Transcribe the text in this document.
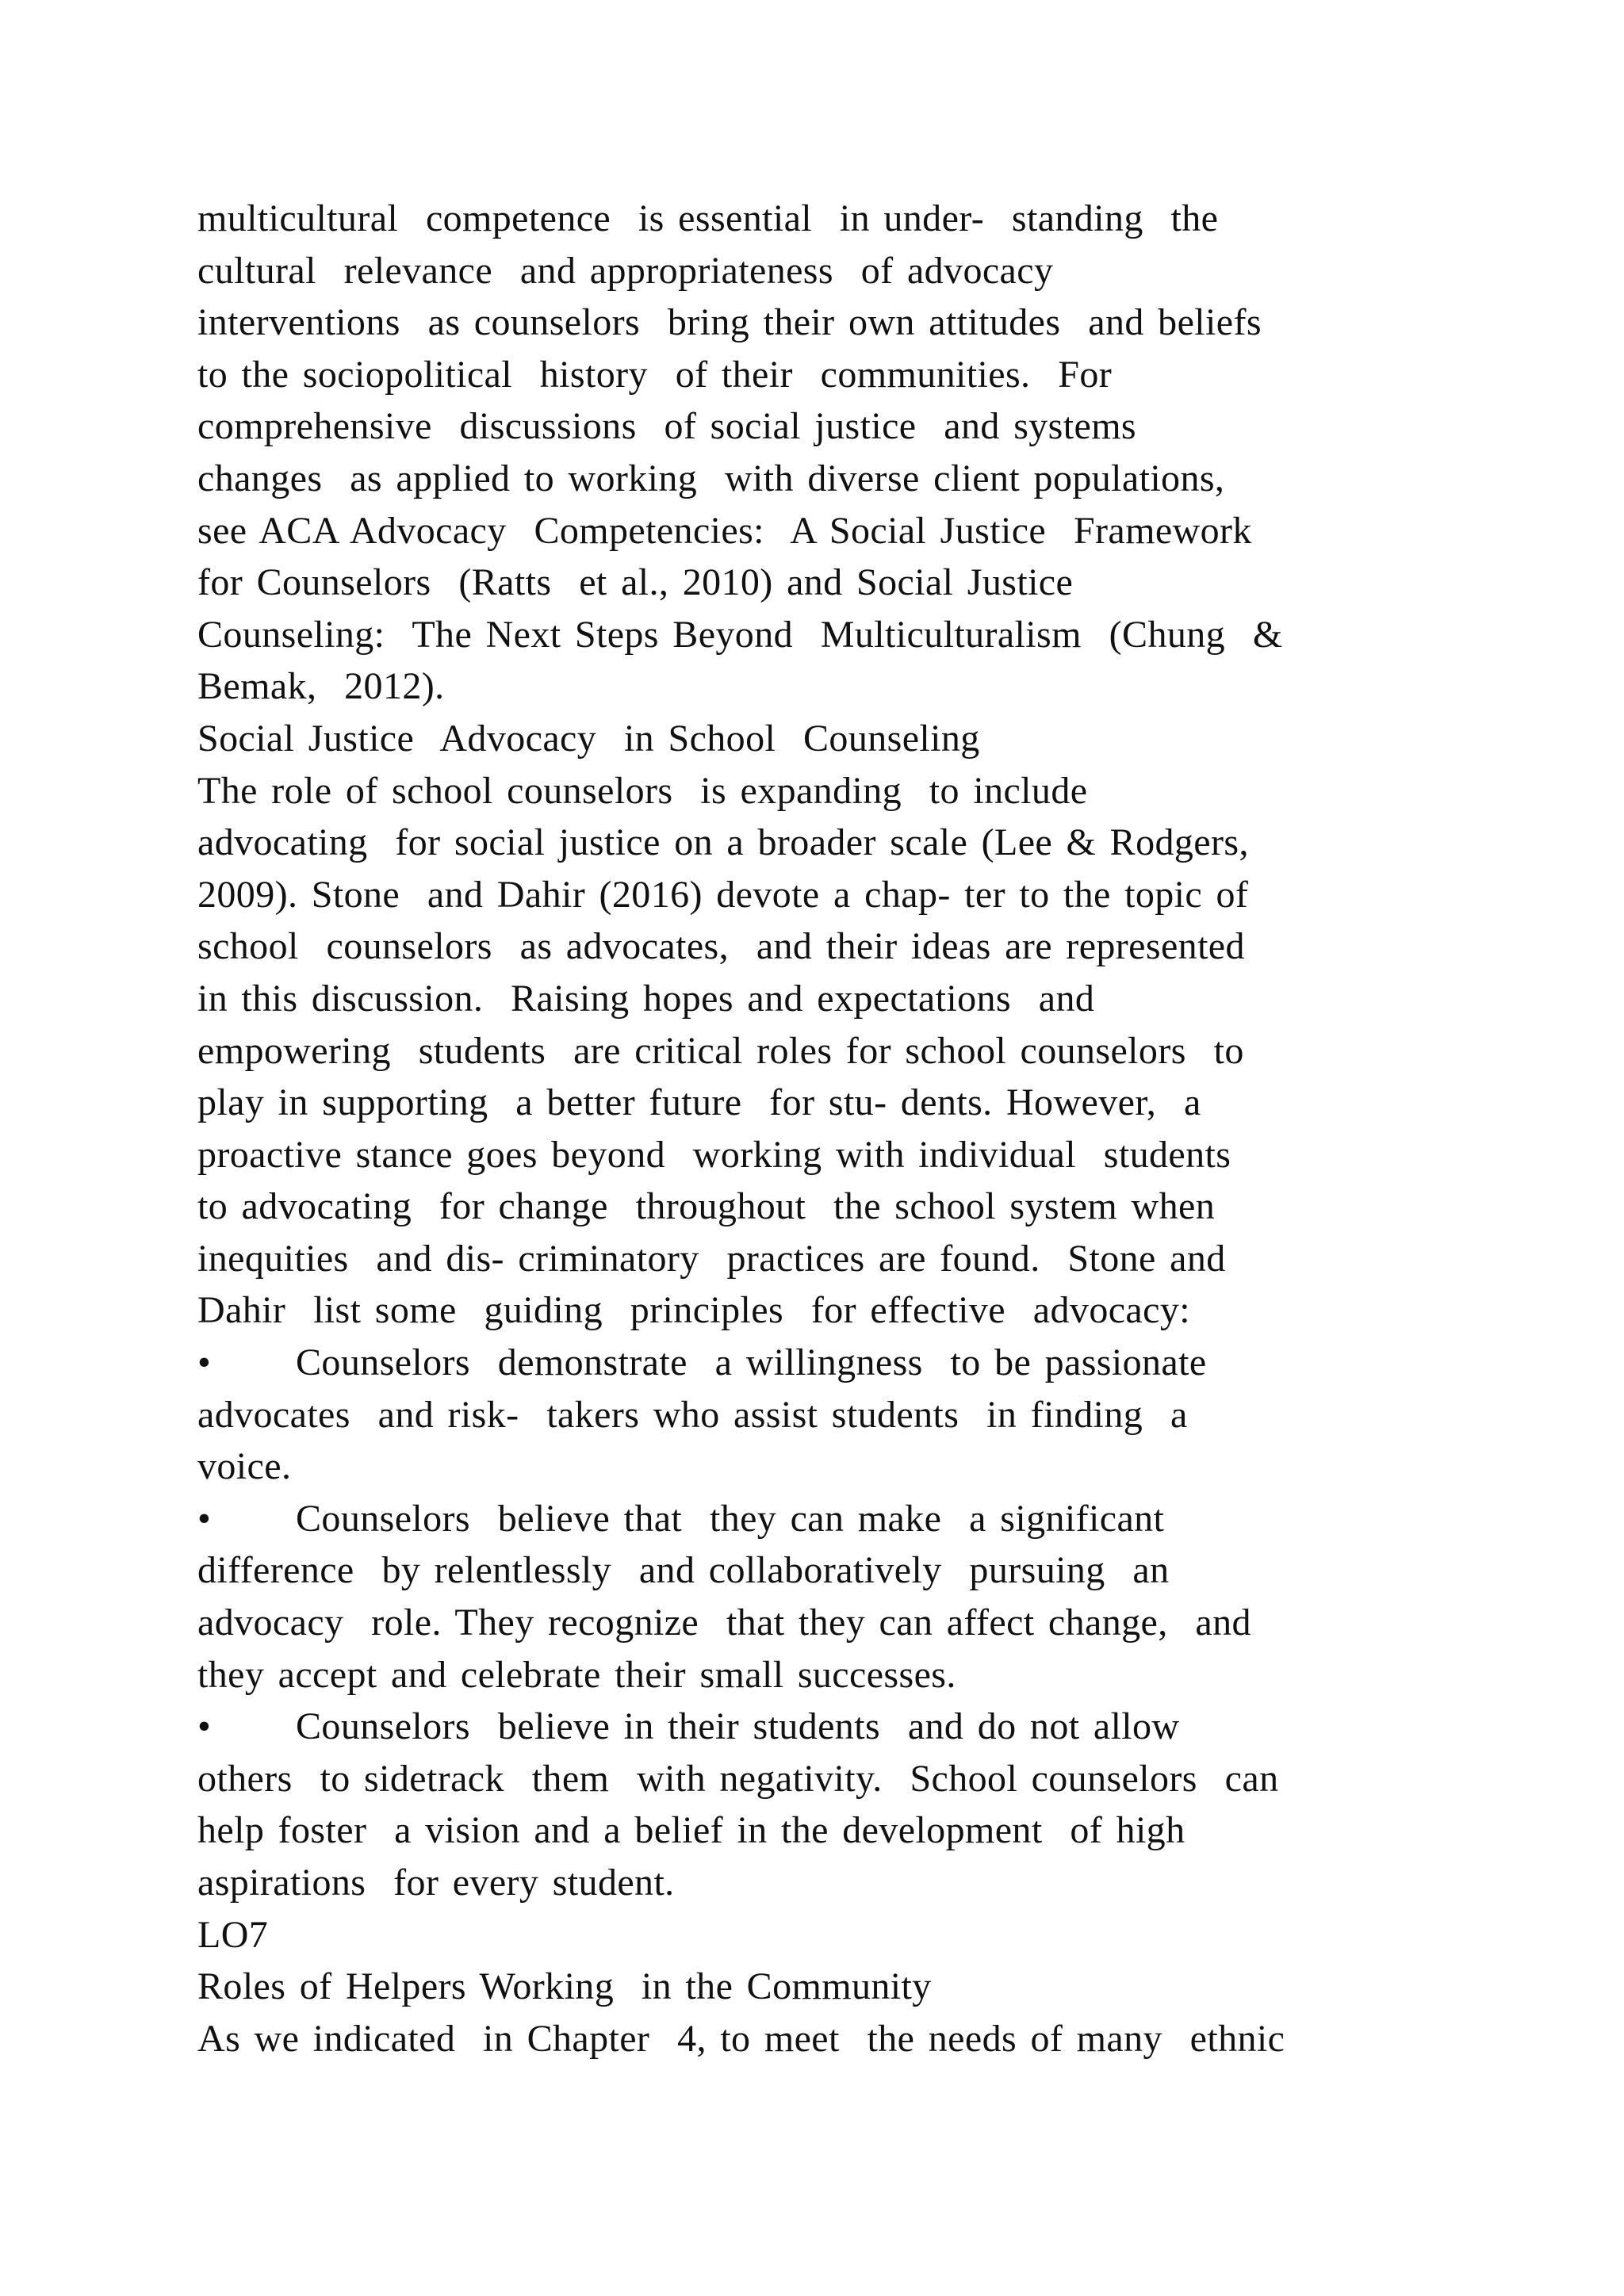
multicultural  competence  is essential  in under-  standing  the
cultural  relevance  and appropriateness  of advocacy
interventions  as counselors  bring their own attitudes  and beliefs
to the sociopolitical  history  of their  communities.  For
comprehensive  discussions  of social justice  and systems
changes  as applied to working  with diverse client populations,
see ACA Advocacy  Competencies:  A Social Justice  Framework
for Counselors  (Ratts  et al., 2010) and Social Justice
Counseling:  The Next Steps Beyond  Multiculturalism  (Chung  &
Bemak,  2012).
Social Justice  Advocacy  in School  Counseling
The role of school counselors  is expanding  to include
advocating  for social justice on a broader scale (Lee & Rodgers,
2009). Stone  and Dahir (2016) devote a chap- ter to the topic of
school  counselors  as advocates,  and their ideas are represented
in this discussion.  Raising hopes and expectations  and
empowering  students  are critical roles for school counselors  to
play in supporting  a better future  for stu- dents. However,  a
proactive stance goes beyond  working with individual  students
to advocating  for change  throughout  the school system when
inequities  and dis- criminatory  practices are found.  Stone and
Dahir  list some  guiding  principles  for effective  advocacy:
• Counselors  demonstrate  a willingness  to be passionate
advocates  and risk-  takers who assist students  in finding  a
voice.
• Counselors  believe that  they can make  a significant
difference  by relentlessly  and collaboratively  pursuing  an
advocacy  role. They recognize  that they can affect change,  and
they accept and celebrate their small successes.
• Counselors  believe in their students  and do not allow
others  to sidetrack  them  with negativity.  School counselors  can
help foster  a vision and a belief in the development  of high
aspirations  for every student.
LO7
Roles of Helpers Working  in the Community
As we indicated  in Chapter  4, to meet  the needs of many  ethnic
